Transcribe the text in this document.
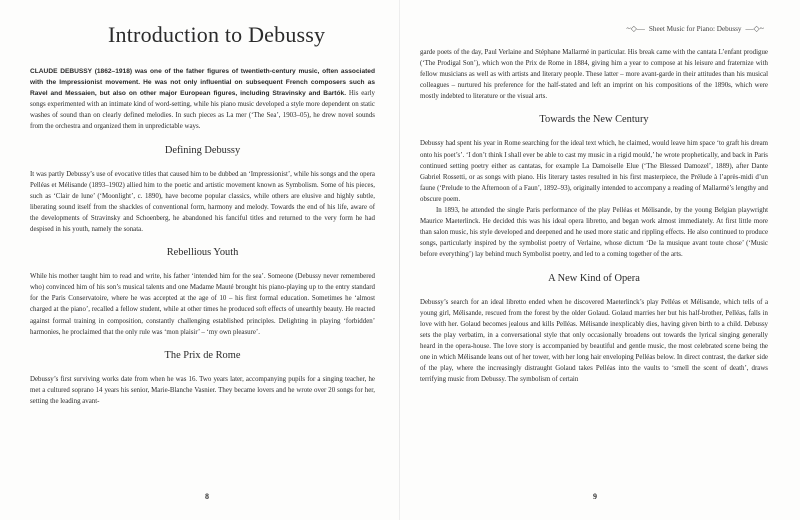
Introduction to Debussy

CLAUDE DEBUSSY (1862–1918) was one of the father figures of twentieth-century music, often associated with the Impressionist movement. He was not only influential on subsequent French composers such as Ravel and Messaien, but also on other major European figures, including Stravinsky and Bartók. His early songs experimented with an intimate kind of word-setting, while his piano music developed a style more dependent on static washes of sound than on clearly defined melodies. In such pieces as La mer (‘The Sea’, 1903–05), he drew novel sounds from the orchestra and organized them in unpredictable ways.

Defining Debussy

It was partly Debussy’s use of evocative titles that caused him to be dubbed an ‘Impressionist’, while his songs and the opera Pelléas et Mélisande (1893–1902) allied him to the poetic and artistic movement known as Symbolism. Some of his pieces, such as ‘Clair de lune’ (‘Moonlight’, c. 1890), have become popular classics, while others are elusive and highly subtle, liberating sound itself from the shackles of conventional form, harmony and melody. Towards the end of his life, aware of the developments of Stravinsky and Schoenberg, he abandoned his fanciful titles and returned to the very form he had despised in his youth, namely the sonata.

Rebellious Youth

While his mother taught him to read and write, his father ‘intended him for the sea’. Someone (Debussy never remembered who) convinced him of his son’s musical talents and one Madame Mauté brought his piano-playing up to the entry standard for the Paris Conservatoire, where he was accepted at the age of 10 – his first formal education. Sometimes he ‘almost charged at the piano’, recalled a fellow student, while at other times he produced soft effects of unearthly beauty. He reacted against formal training in composition, constantly challenging established principles. Delighting in playing ‘forbidden’ harmonies, he proclaimed that the only rule was ‘mon plaisir’ – ‘my own pleasure’.

The Prix de Rome

Debussy’s first surviving works date from when he was 16. Two years later, accompanying pupils for a singing teacher, he met a cultured soprano 14 years his senior, Marie-Blanche Vasnier. They became lovers and he wrote over 20 songs for her, setting the leading avant-

8
~◇— Sheet Music for Piano: Debussy —◇~

garde poets of the day, Paul Verlaine and Stéphane Mallarmé in particular. His break came with the cantata L’enfant prodigue (‘The Prodigal Son’), which won the Prix de Rome in 1884, giving him a year to compose at his leisure and fraternize with fellow musicians as well as with artists and literary people. These latter – more avant-garde in their attitudes than his musical colleagues – nurtured his preference for the half-stated and left an imprint on his compositions of the 1890s, which were mostly indebted to literature or the visual arts.

Towards the New Century

Debussy had spent his year in Rome searching for the ideal text which, he claimed, would leave him space ‘to graft his dream onto his poet’s’. ‘I don’t think I shall ever be able to cast my music in a rigid mould,’ he wrote prophetically, and back in Paris continued setting poetry either as cantatas, for example La Damoiselle Elue (‘The Blessed Damozel’, 1889), after Dante Gabriel Rossetti, or as songs with piano. His literary tastes resulted in his first masterpiece, the Prélude à l’après-midi d’un faune (‘Prelude to the Afternoon of a Faun’, 1892–93), originally intended to accompany a reading of Mallarmé’s lengthy and obscure poem.

In 1893, he attended the single Paris performance of the play Pelléas et Mélisande, by the young Belgian playwright Maurice Maeterlinck. He decided this was his ideal opera libretto, and began work almost immediately. At first little more than salon music, his style developed and deepened and he used more static and rippling effects. He also continued to produce songs, particularly inspired by the symbolist poetry of Verlaine, whose dictum ‘De la musique avant toute chose’ (‘Music before everything’) lay behind much Symbolist poetry, and led to a coming together of the arts.

A New Kind of Opera

Debussy’s search for an ideal libretto ended when he discovered Maeterlinck’s play Pelléas et Mélisande, which tells of a young girl, Mélisande, rescued from the forest by the older Golaud. Golaud marries her but his half-brother, Pelléas, falls in love with her. Golaud becomes jealous and kills Pelléas. Mélisande inexplicably dies, having given birth to a child. Debussy sets the play verbatim, in a conversational style that only occasionally broadens out towards the lyrical singing generally heard in the opera-house. The love story is accompanied by beautiful and gentle music, the most celebrated scene being the one in which Mélisande leans out of her tower, with her long hair enveloping Pelléas below. In direct contrast, the darker side of the play, where the increasingly distraught Golaud takes Pelléas into the vaults to ‘smell the scent of death’, draws terrifying music from Debussy. The symbolism of certain

9
